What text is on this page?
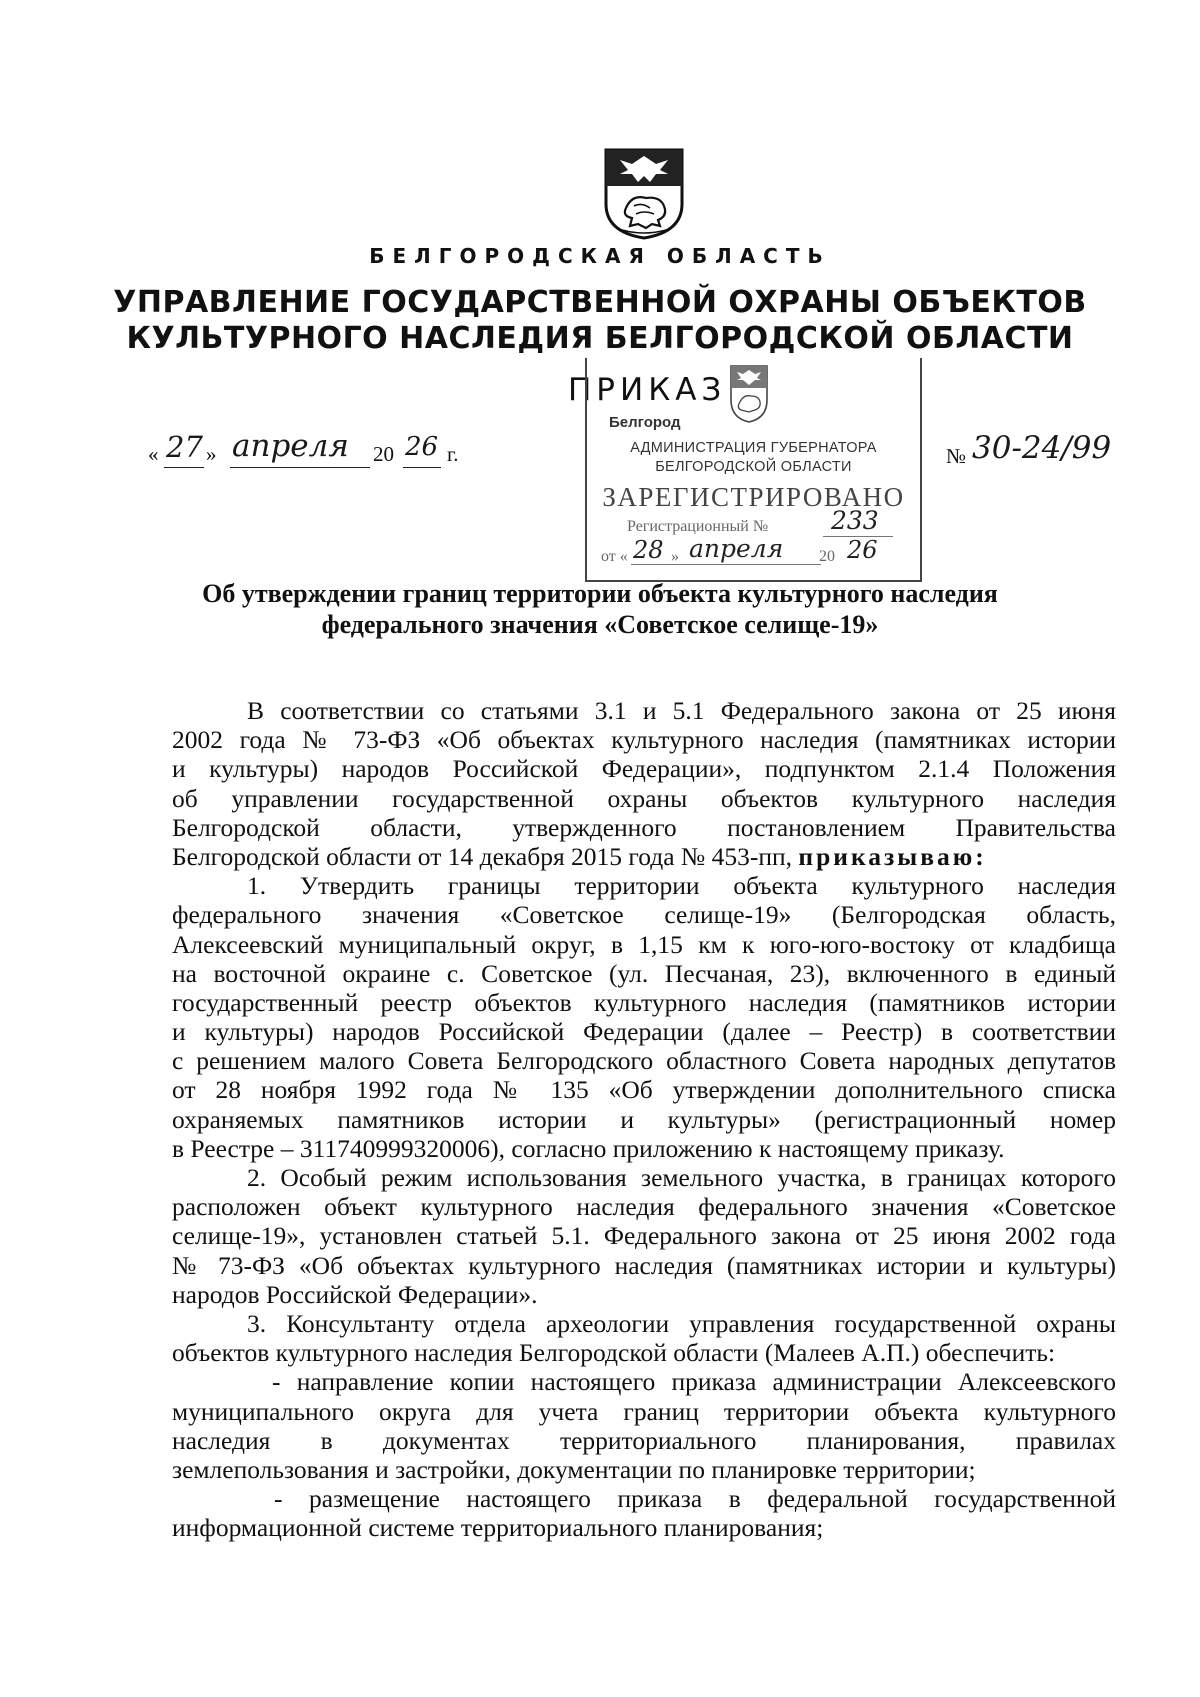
БЕЛГОРОДСКАЯ ОБЛАСТЬ
УПРАВЛЕНИЕ ГОСУДАРСТВЕННОЙ ОХРАНЫ ОБЪЕКТОВ
КУЛЬТУРНОГО НАСЛЕДИЯ БЕЛГОРОДСКОЙ ОБЛАСТИ
ПРИКАЗ
« 27 » апреля 20 26 г.	№ 30-24/99
Белгород
АДМИНИСТРАЦИЯ ГУБЕРНАТОРА
БЕЛГОРОДСКОЙ ОБЛАСТИ
ЗАРЕГИСТРИРОВАНО
Регистрационный №	233
от « 28 » апреля 20 26
Об утверждении границ территории объекта культурного наследия
федерального значения «Советское селище-19»
В соответствии со статьями 3.1 и 5.1 Федерального закона от 25 июня
2002 года № 73-ФЗ «Об объектах культурного наследия (памятниках истории
и культуры) народов Российской Федерации», подпунктом 2.1.4 Положения
об управлении государственной охраны объектов культурного наследия
Белгородской области, утвержденного постановлением Правительства
Белгородской области от 14 декабря 2015 года № 453-пп, приказываю:
1. Утвердить границы территории объекта культурного наследия
федерального значения «Советское селище-19» (Белгородская область,
Алексеевский муниципальный округ, в 1,15 км к юго-юго-востоку от кладбища
на восточной окраине с. Советское (ул. Песчаная, 23), включенного в единый
государственный реестр объектов культурного наследия (памятников истории
и культуры) народов Российской Федерации (далее – Реестр) в соответствии
с решением малого Совета Белгородского областного Совета народных депутатов
от 28 ноября 1992 года № 135 «Об утверждении дополнительного списка
охраняемых памятников истории и культуры» (регистрационный номер
в Реестре – 311740999320006), согласно приложению к настоящему приказу.
2. Особый режим использования земельного участка, в границах которого
расположен объект культурного наследия федерального значения «Советское
селище-19», установлен статьей 5.1. Федерального закона от 25 июня 2002 года
№ 73-ФЗ «Об объектах культурного наследия (памятниках истории и культуры)
народов Российской Федерации».
3. Консультанту отдела археологии управления государственной охраны
объектов культурного наследия Белгородской области (Малеев А.П.) обеспечить:
- направление копии настоящего приказа администрации Алексеевского
муниципального округа для учета границ территории объекта культурного
наследия в документах территориального планирования, правилах
землепользования и застройки, документации по планировке территории;
- размещение настоящего приказа в федеральной государственной
информационной системе территориального планирования;
